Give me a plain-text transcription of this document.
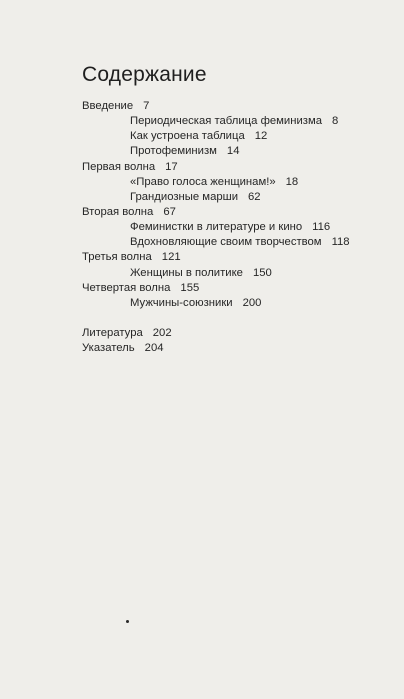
Содержание
Введение 7
Периодическая таблица феминизма 8
Как устроена таблица 12
Протофеминизм 14
Первая волна 17
«Право голоса женщинам!» 18
Грандиозные марши 62
Вторая волна 67
Феминистки в литературе и кино 116
Вдохновляющие своим творчеством 118
Третья волна 121
Женщины в политике 150
Четвертая волна 155
Мужчины-союзники 200
Литература 202
Указатель 204
